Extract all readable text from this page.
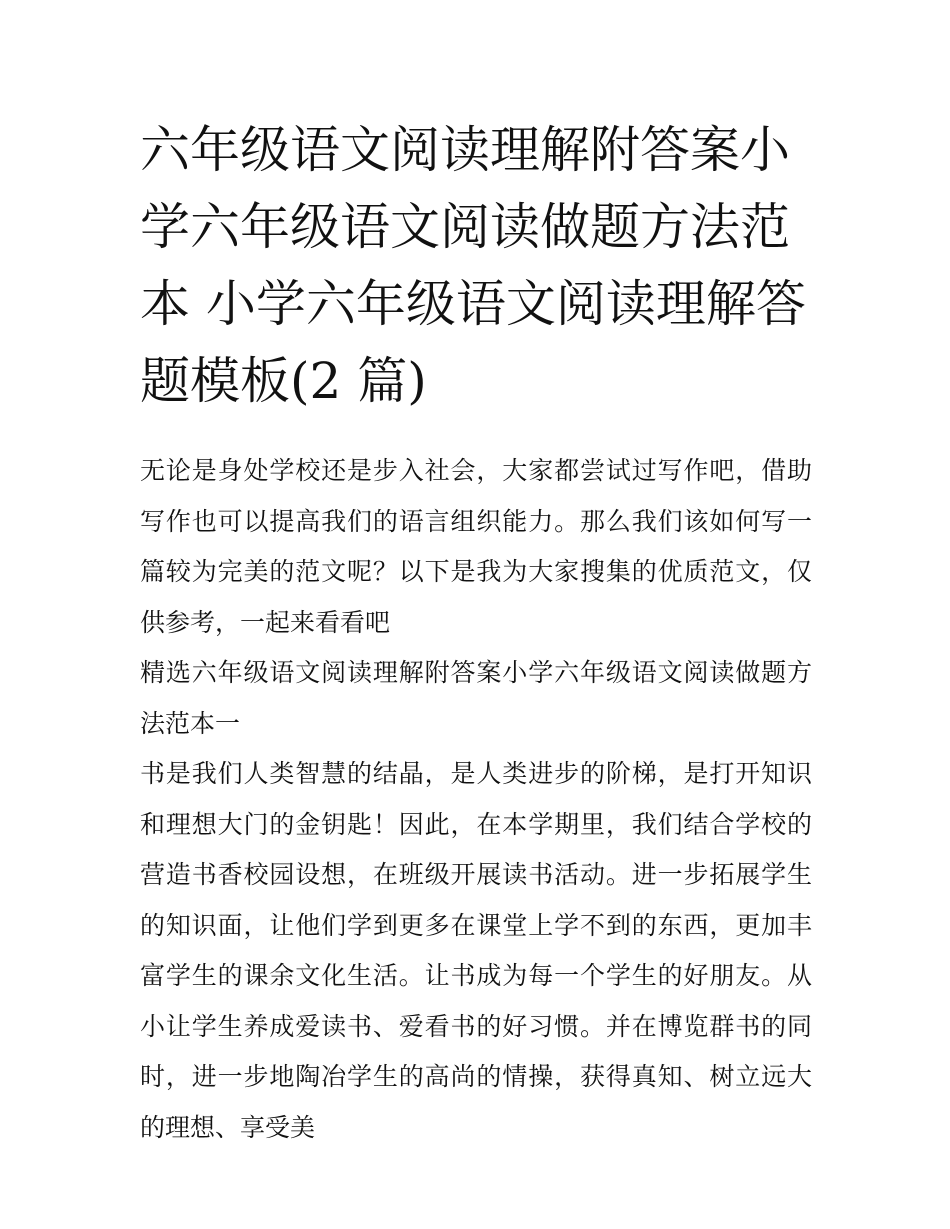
六年级语文阅读理解附答案小学六年级语文阅读做题方法范本 小学六年级语文阅读理解答题模板(2 篇)

无论是身处学校还是步入社会，大家都尝试过写作吧，借助写作也可以提高我们的语言组织能力。那么我们该如何写一篇较为完美的范文呢？以下是我为大家搜集的优质范文，仅供参考，一起来看看吧

精选六年级语文阅读理解附答案小学六年级语文阅读做题方法范本一

书是我们人类智慧的结晶，是人类进步的阶梯，是打开知识和理想大门的金钥匙！因此，在本学期里，我们结合学校的营造书香校园设想，在班级开展读书活动。进一步拓展学生的知识面，让他们学到更多在课堂上学不到的东西，更加丰富学生的课余文化生活。让书成为每一个学生的好朋友。从小让学生养成爱读书、爱看书的好习惯。并在博览群书的同时，进一步地陶冶学生的高尚的情操，获得真知、树立远大的理想、享受美
